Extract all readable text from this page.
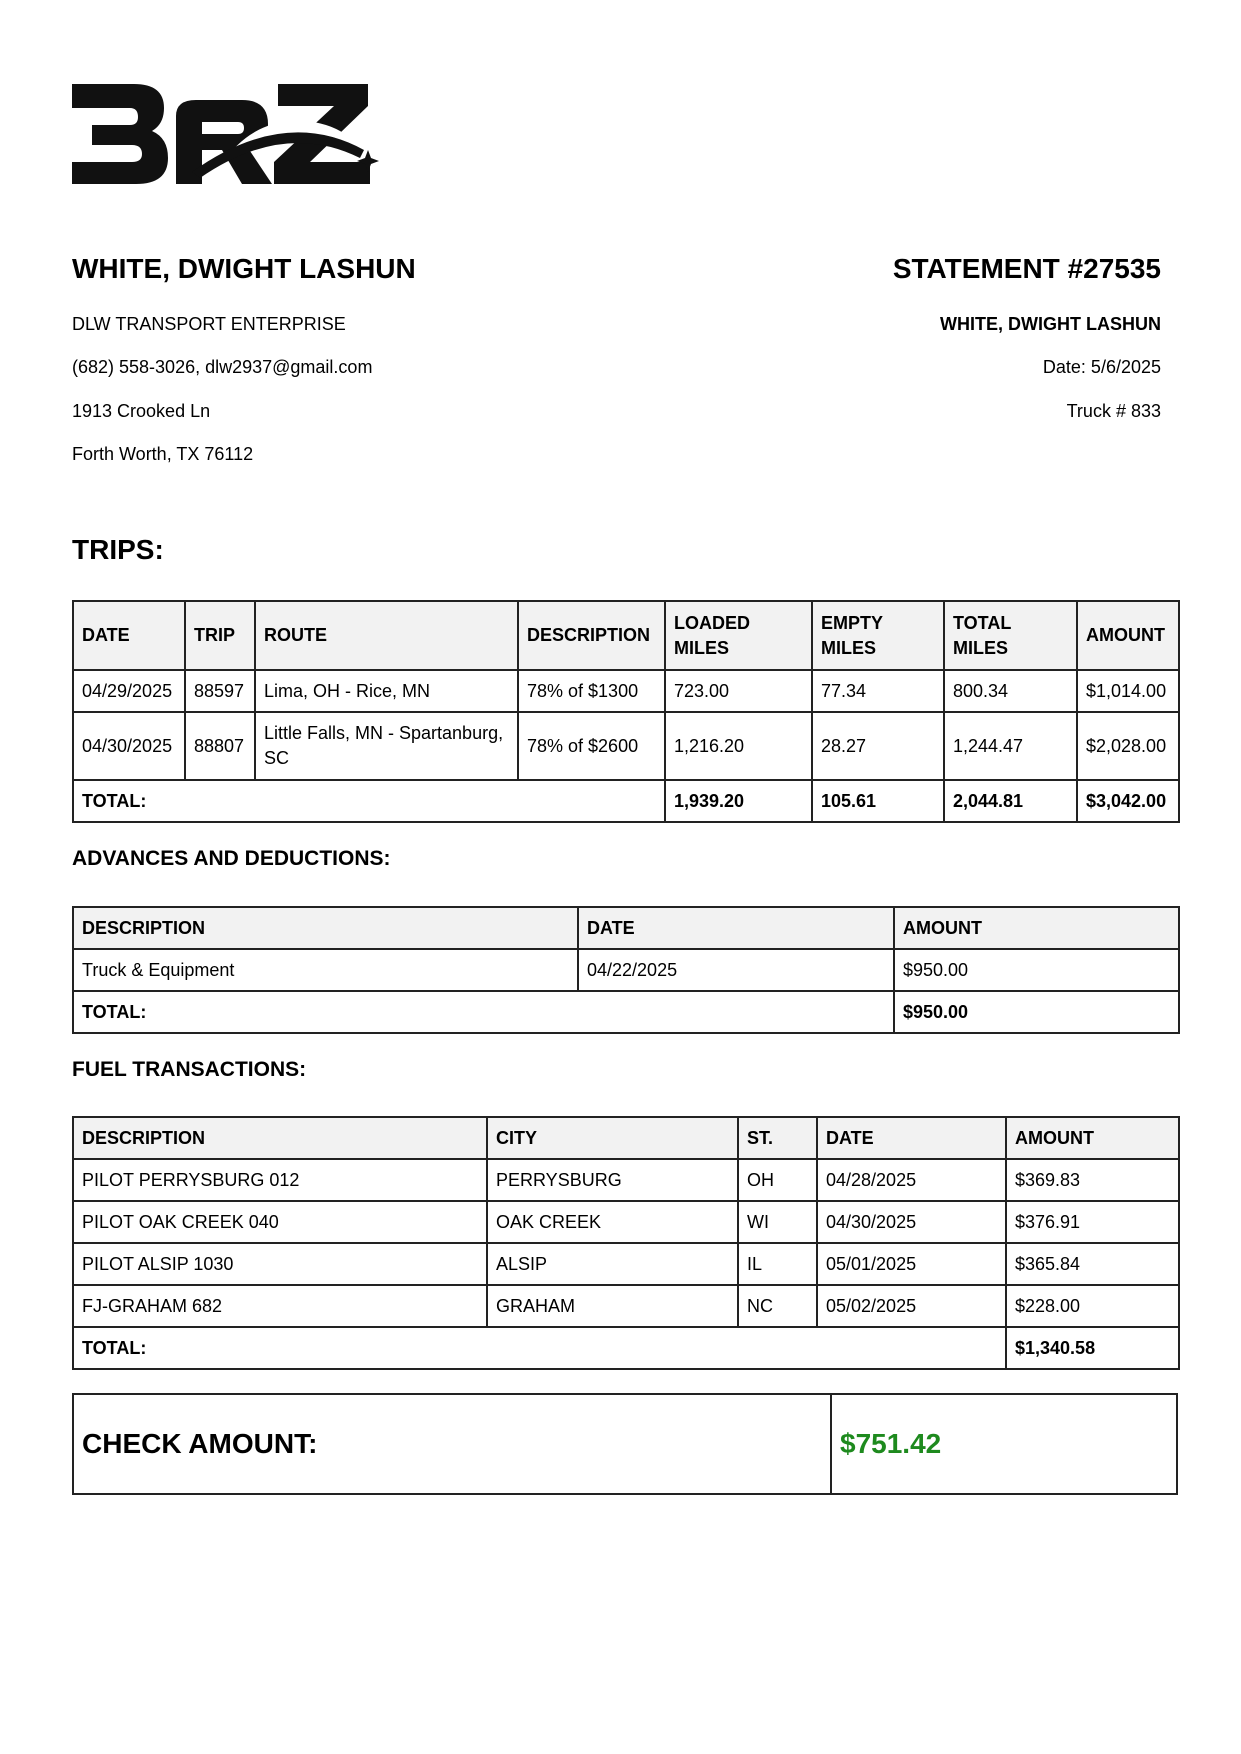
WHITE, DWIGHT LASHUN

DLW TRANSPORT ENTERPRISE

(682) 558-3026, dlw2937@gmail.com

1913 Crooked Ln

Forth Worth, TX 76112

STATEMENT #27535

WHITE, DWIGHT LASHUN

Date: 5/6/2025

Truck # 833

TRIPS:

DATE	TRIP	ROUTE	DESCRIPTION	LOADED MILES	EMPTY MILES	TOTAL MILES	AMOUNT
04/29/2025	88597	Lima, OH - Rice, MN	78% of $1300	723.00	77.34	800.34	$1,014.00
04/30/2025	88807	Little Falls, MN - Spartanburg, SC	78% of $2600	1,216.20	28.27	1,244.47	$2,028.00
TOTAL:				1,939.20	105.61	2,044.81	$3,042.00

ADVANCES AND DEDUCTIONS:

DESCRIPTION	DATE	AMOUNT
Truck & Equipment	04/22/2025	$950.00
TOTAL:		$950.00

FUEL TRANSACTIONS:

DESCRIPTION	CITY	ST.	DATE	AMOUNT
PILOT PERRYSBURG 012	PERRYSBURG	OH	04/28/2025	$369.83
PILOT OAK CREEK 040	OAK CREEK	WI	04/30/2025	$376.91
PILOT ALSIP 1030	ALSIP	IL	05/01/2025	$365.84
FJ-GRAHAM 682	GRAHAM	NC	05/02/2025	$228.00
TOTAL:				$1,340.58

CHECK AMOUNT:	$751.42
